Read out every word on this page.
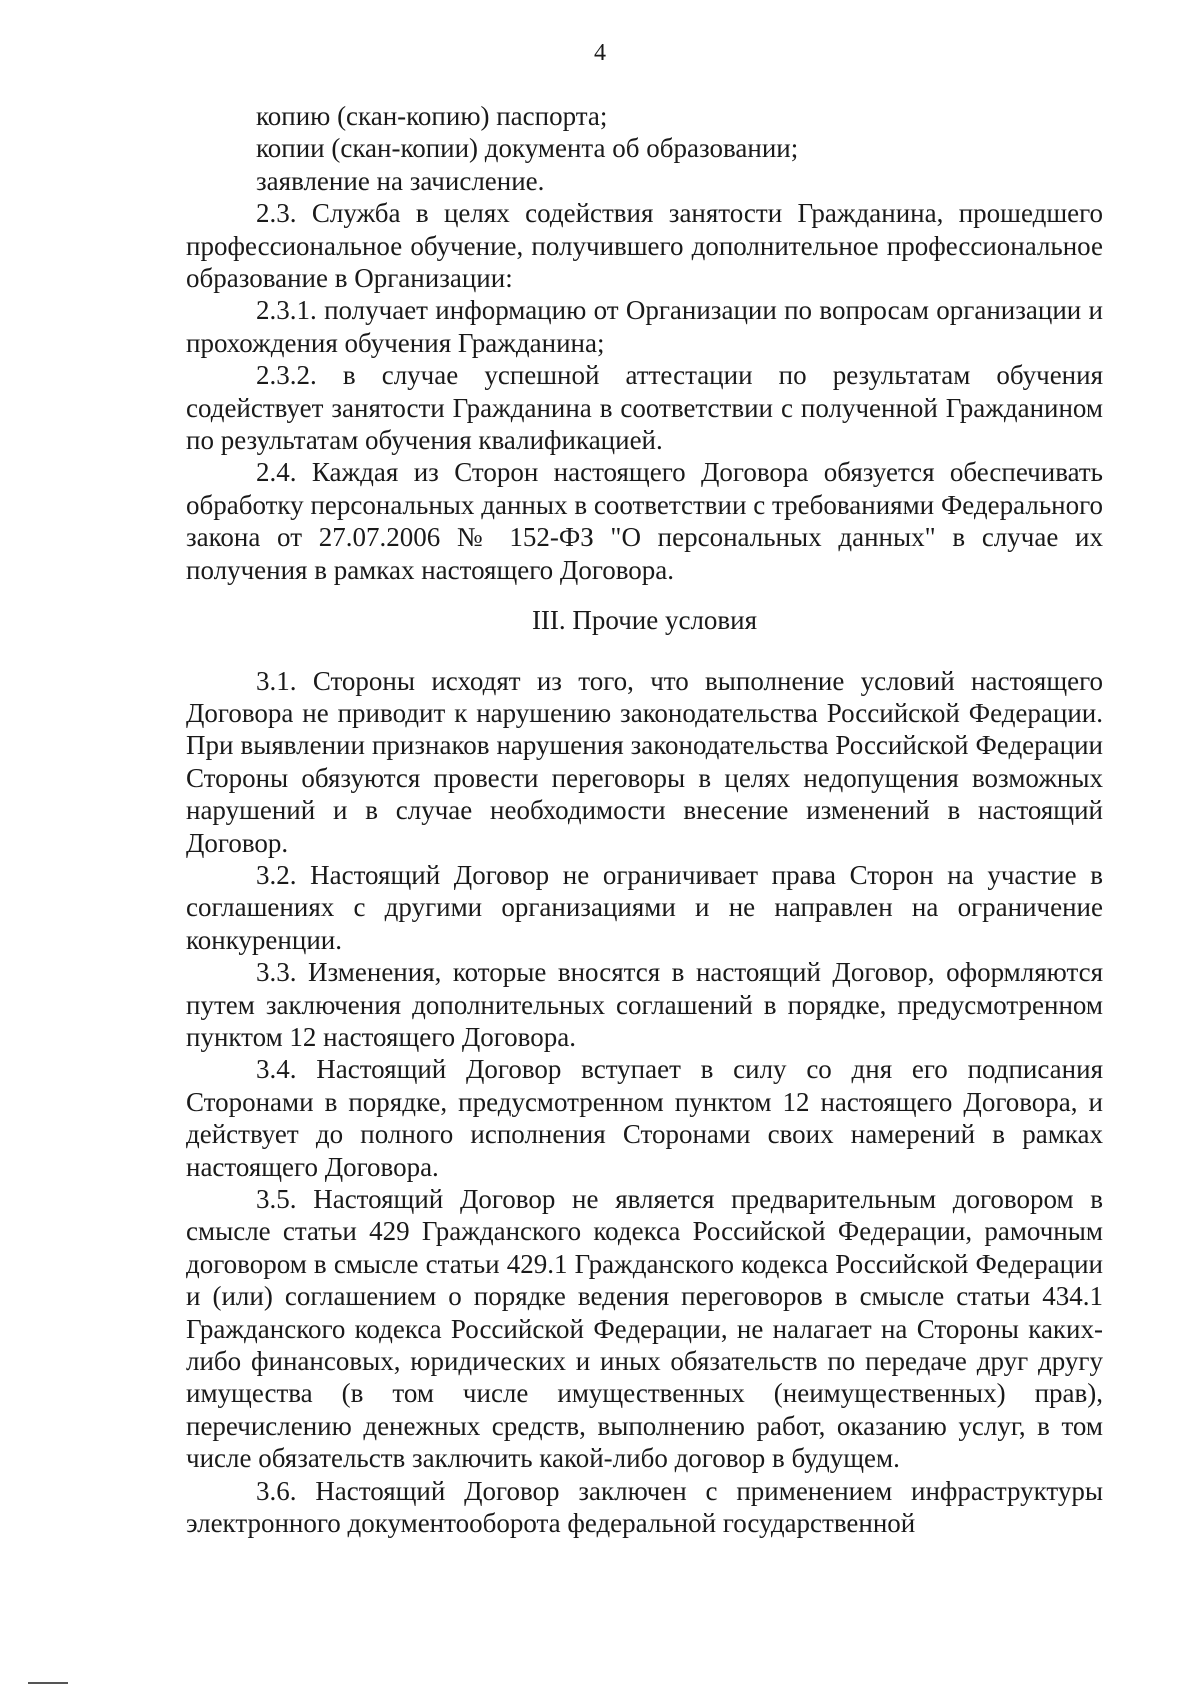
4

копию (скан-копию) паспорта;

копии (скан-копии) документа об образовании;

заявление на зачисление.

2.3. Служба в целях содействия занятости Гражданина, прошедшего профессиональное обучение, получившего дополнительное профессиональное образование в Организации:

2.3.1. получает информацию от Организации по вопросам организации и прохождения обучения Гражданина;

2.3.2. в случае успешной аттестации по результатам обучения содействует занятости Гражданина в соответствии с полученной Гражданином по результатам обучения квалификацией.

2.4. Каждая из Сторон настоящего Договора обязуется обеспечивать обработку персональных данных в соответствии с требованиями Федерального закона от 27.07.2006 № 152-ФЗ "О персональных данных" в случае их получения в рамках настоящего Договора.

III. Прочие условия

3.1. Стороны исходят из того, что выполнение условий настоящего Договора не приводит к нарушению законодательства Российской Федерации. При выявлении признаков нарушения законодательства Российской Федерации Стороны обязуются провести переговоры в целях недопущения возможных нарушений и в случае необходимости внесение изменений в настоящий Договор.

3.2. Настоящий Договор не ограничивает права Сторон на участие в соглашениях с другими организациями и не направлен на ограничение конкуренции.

3.3. Изменения, которые вносятся в настоящий Договор, оформляются путем заключения дополнительных соглашений в порядке, предусмотренном пунктом 12 настоящего Договора.

3.4. Настоящий Договор вступает в силу со дня его подписания Сторонами в порядке, предусмотренном пунктом 12 настоящего Договора, и действует до полного исполнения Сторонами своих намерений в рамках настоящего Договора.

3.5. Настоящий Договор не является предварительным договором в смысле статьи 429 Гражданского кодекса Российской Федерации, рамочным договором в смысле статьи 429.1 Гражданского кодекса Российской Федерации и (или) соглашением о порядке ведения переговоров в смысле статьи 434.1 Гражданского кодекса Российской Федерации, не налагает на Стороны каких-либо финансовых, юридических и иных обязательств по передаче друг другу имущества (в том числе имущественных (неимущественных) прав), перечислению денежных средств, выполнению работ, оказанию услуг, в том числе обязательств заключить какой-либо договор в будущем.

3.6. Настоящий Договор заключен с применением инфраструктуры электронного документооборота федеральной государственной
